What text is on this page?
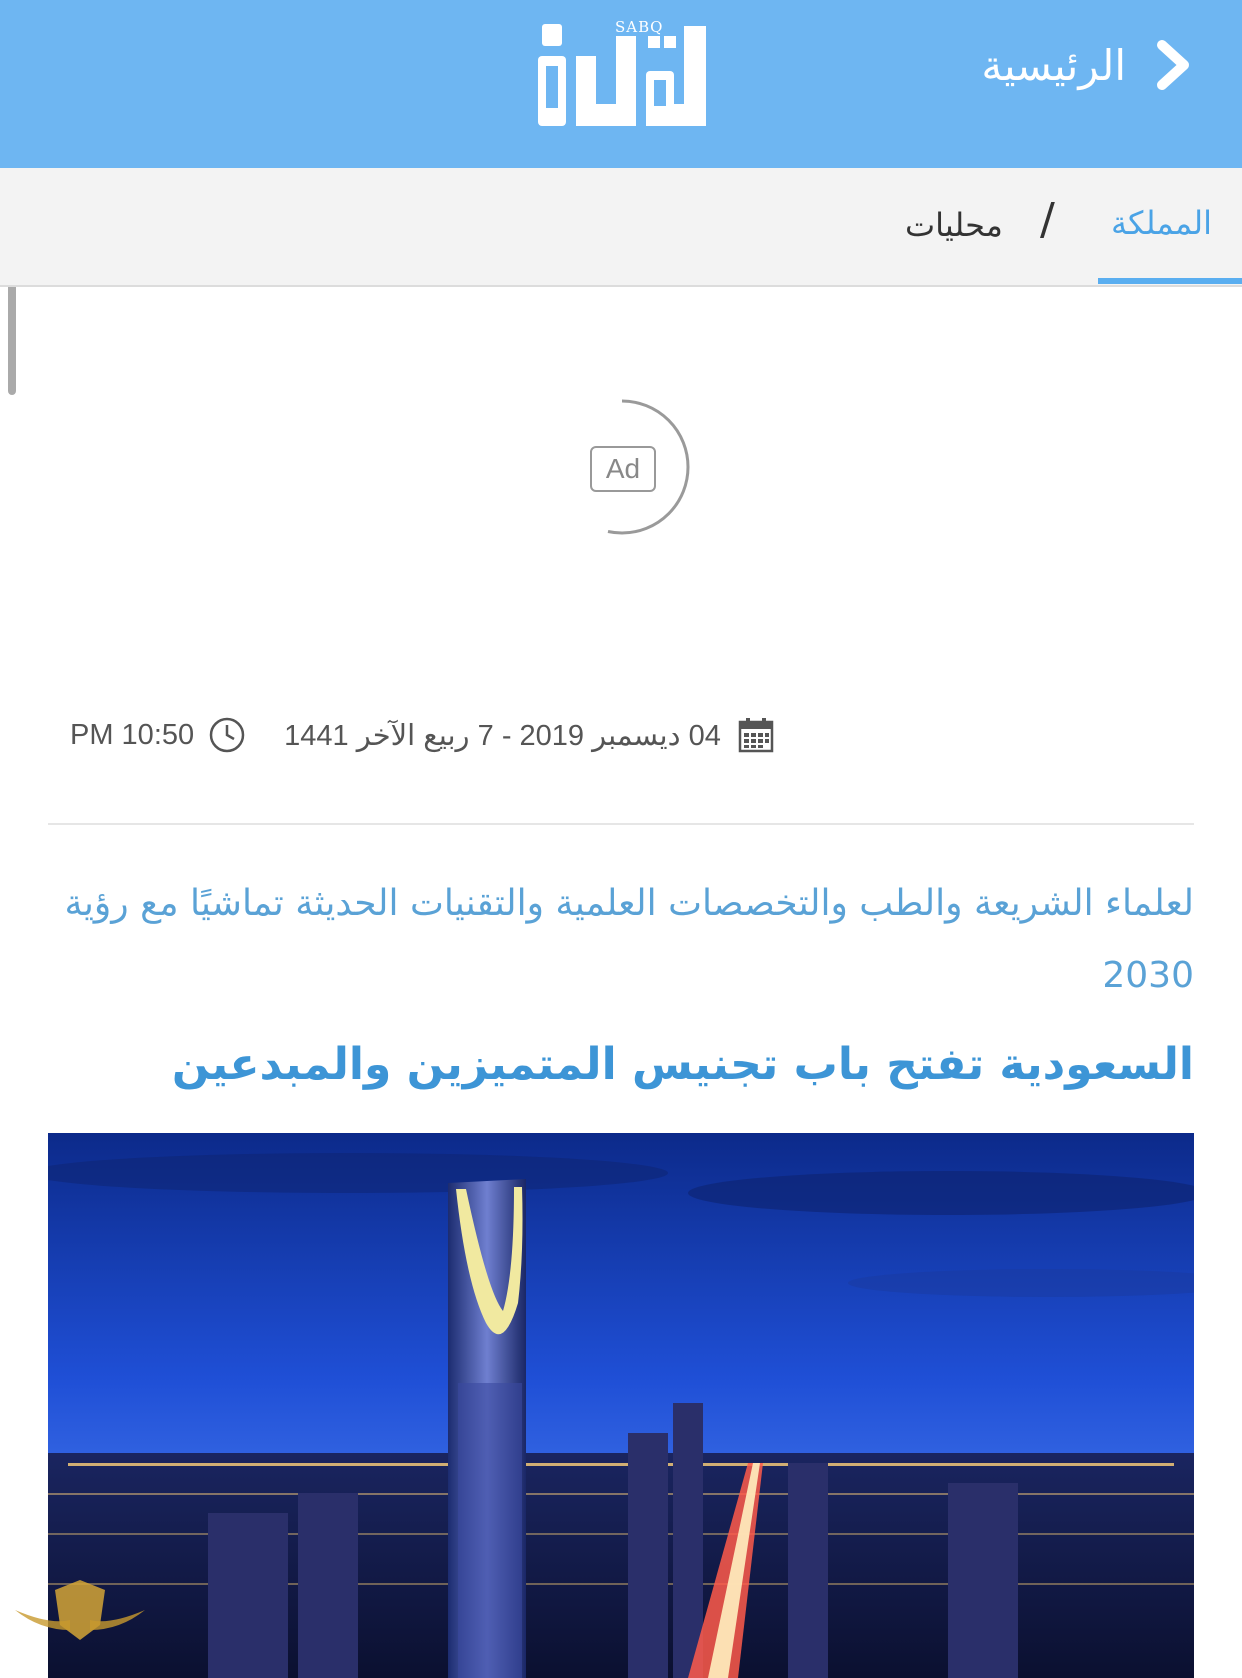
الرئيسية
SABQ
المملكة
/
محليات
Ad
PM 10:50	04 ديسمبر 2019 - 7 ربيع الآخر 1441
لعلماء الشريعة والطب والتخصصات العلمية والتقنيات الحديثة تماشيًا مع رؤية 2030
السعودية تفتح باب تجنيس المتميزين والمبدعين
